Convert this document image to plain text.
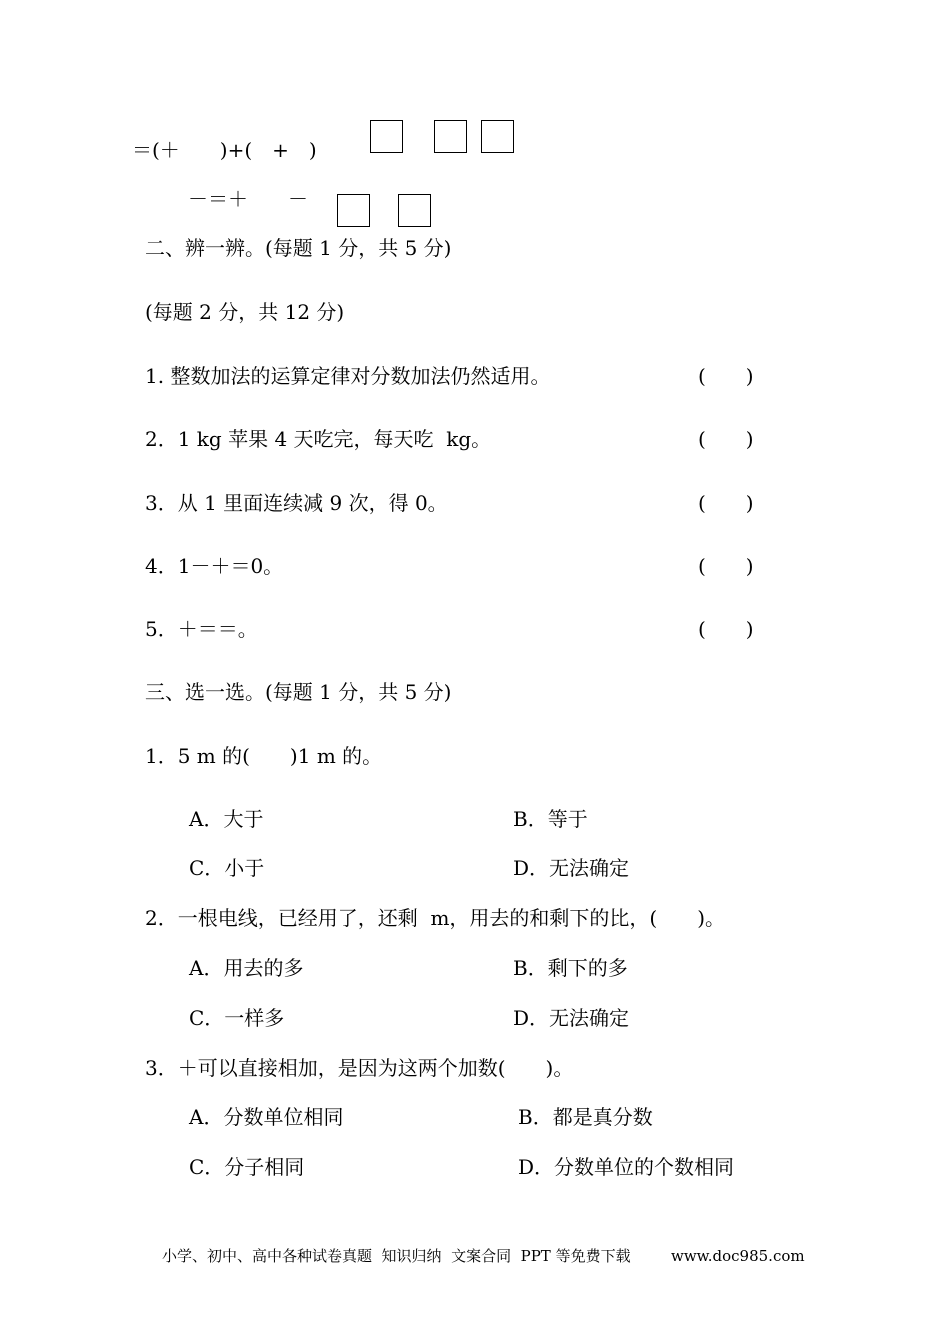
＝(＋　　)+(　+　)
－＝＋　　－
二、辨一辨。(每题 1 分，共 5 分)
(每题 2 分，共 12 分)
1. 整数加法的运算定律对分数加法仍然适用。	(　　)
2．1 kg 苹果 4 天吃完，每天吃  kg。	(　　)
3．从 1 里面连续减 9 次，得 0。	(　　)
4．1－＋＝0。	(　　)
5．＋＝＝。	(　　)
三、选一选。(每题 1 分，共 5 分)
1．5 m 的(　　)1 m 的。
A．大于	B．等于
C．小于	D．无法确定
2．一根电线，已经用了，还剩  m，用去的和剩下的比，(　　)。
A．用去的多	B．剩下的多
C．一样多	D．无法确定
3．＋可以直接相加，是因为这两个加数(　　)。
A．分数单位相同	B．都是真分数
C．分子相同	D．分数单位的个数相同
小学、初中、高中各种试卷真题  知识归纳  文案合同  PPT 等免费下载	www.doc985.com
